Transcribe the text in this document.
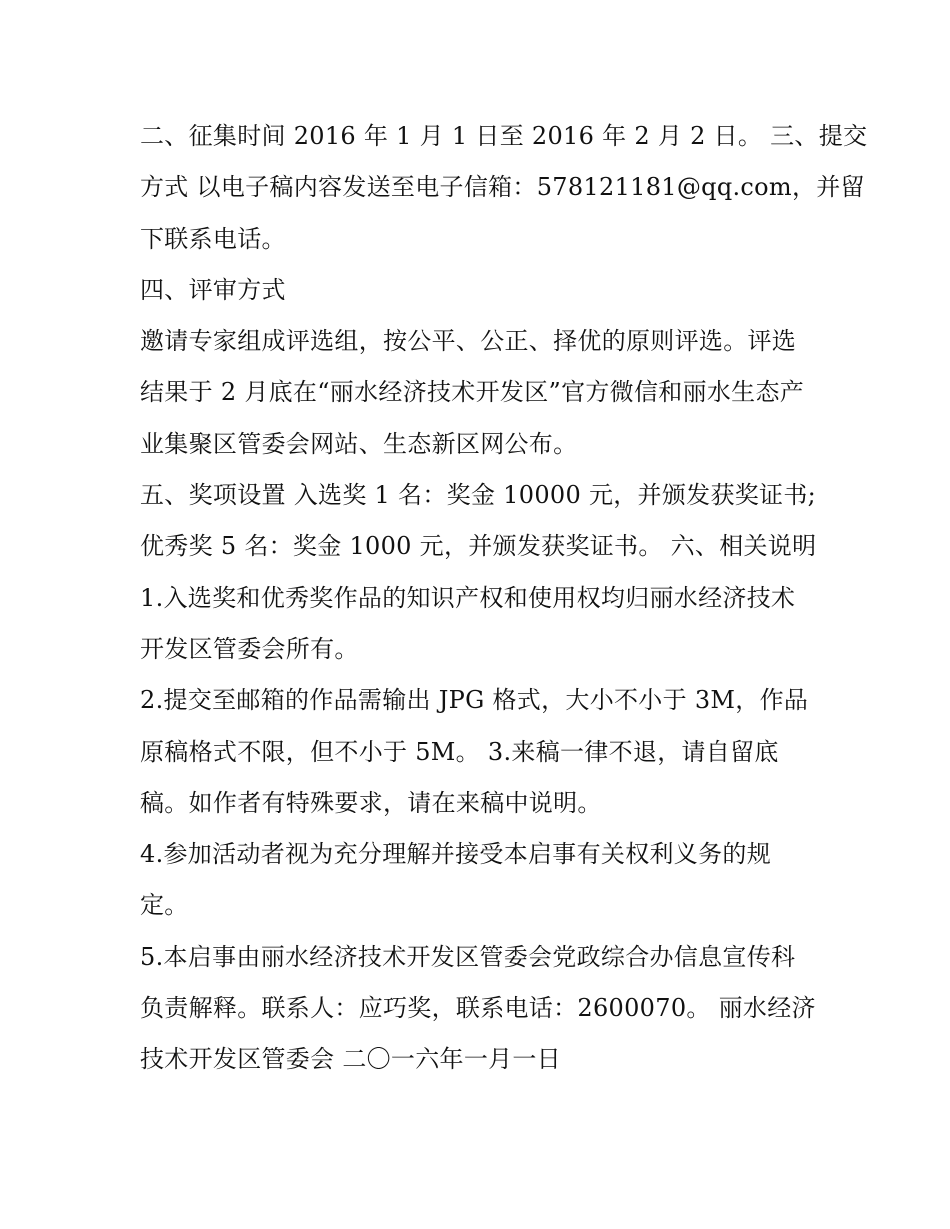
二、征集时间 2016 年 1 月 1 日至 2016 年 2 月 2 日。 三、提交
方式 以电子稿内容发送至电子信箱：578121181@qq.com，并留
下联系电话。
四、评审方式
邀请专家组成评选组，按公平、公正、择优的原则评选。评选
结果于 2 月底在“丽水经济技术开发区”官方微信和丽水生态产
业集聚区管委会网站、生态新区网公布。
五、奖项设置 入选奖 1 名：奖金 10000 元，并颁发获奖证书;
优秀奖 5 名：奖金 1000 元，并颁发获奖证书。 六、相关说明
1.入选奖和优秀奖作品的知识产权和使用权均归丽水经济技术
开发区管委会所有。
2.提交至邮箱的作品需输出 JPG 格式，大小不小于 3M，作品
原稿格式不限，但不小于 5M。 3.来稿一律不退，请自留底
稿。如作者有特殊要求，请在来稿中说明。
4.参加活动者视为充分理解并接受本启事有关权利义务的规
定。
5.本启事由丽水经济技术开发区管委会党政综合办信息宣传科
负责解释。联系人：应巧奖，联系电话：2600070。 丽水经济
技术开发区管委会 二〇一六年一月一日
